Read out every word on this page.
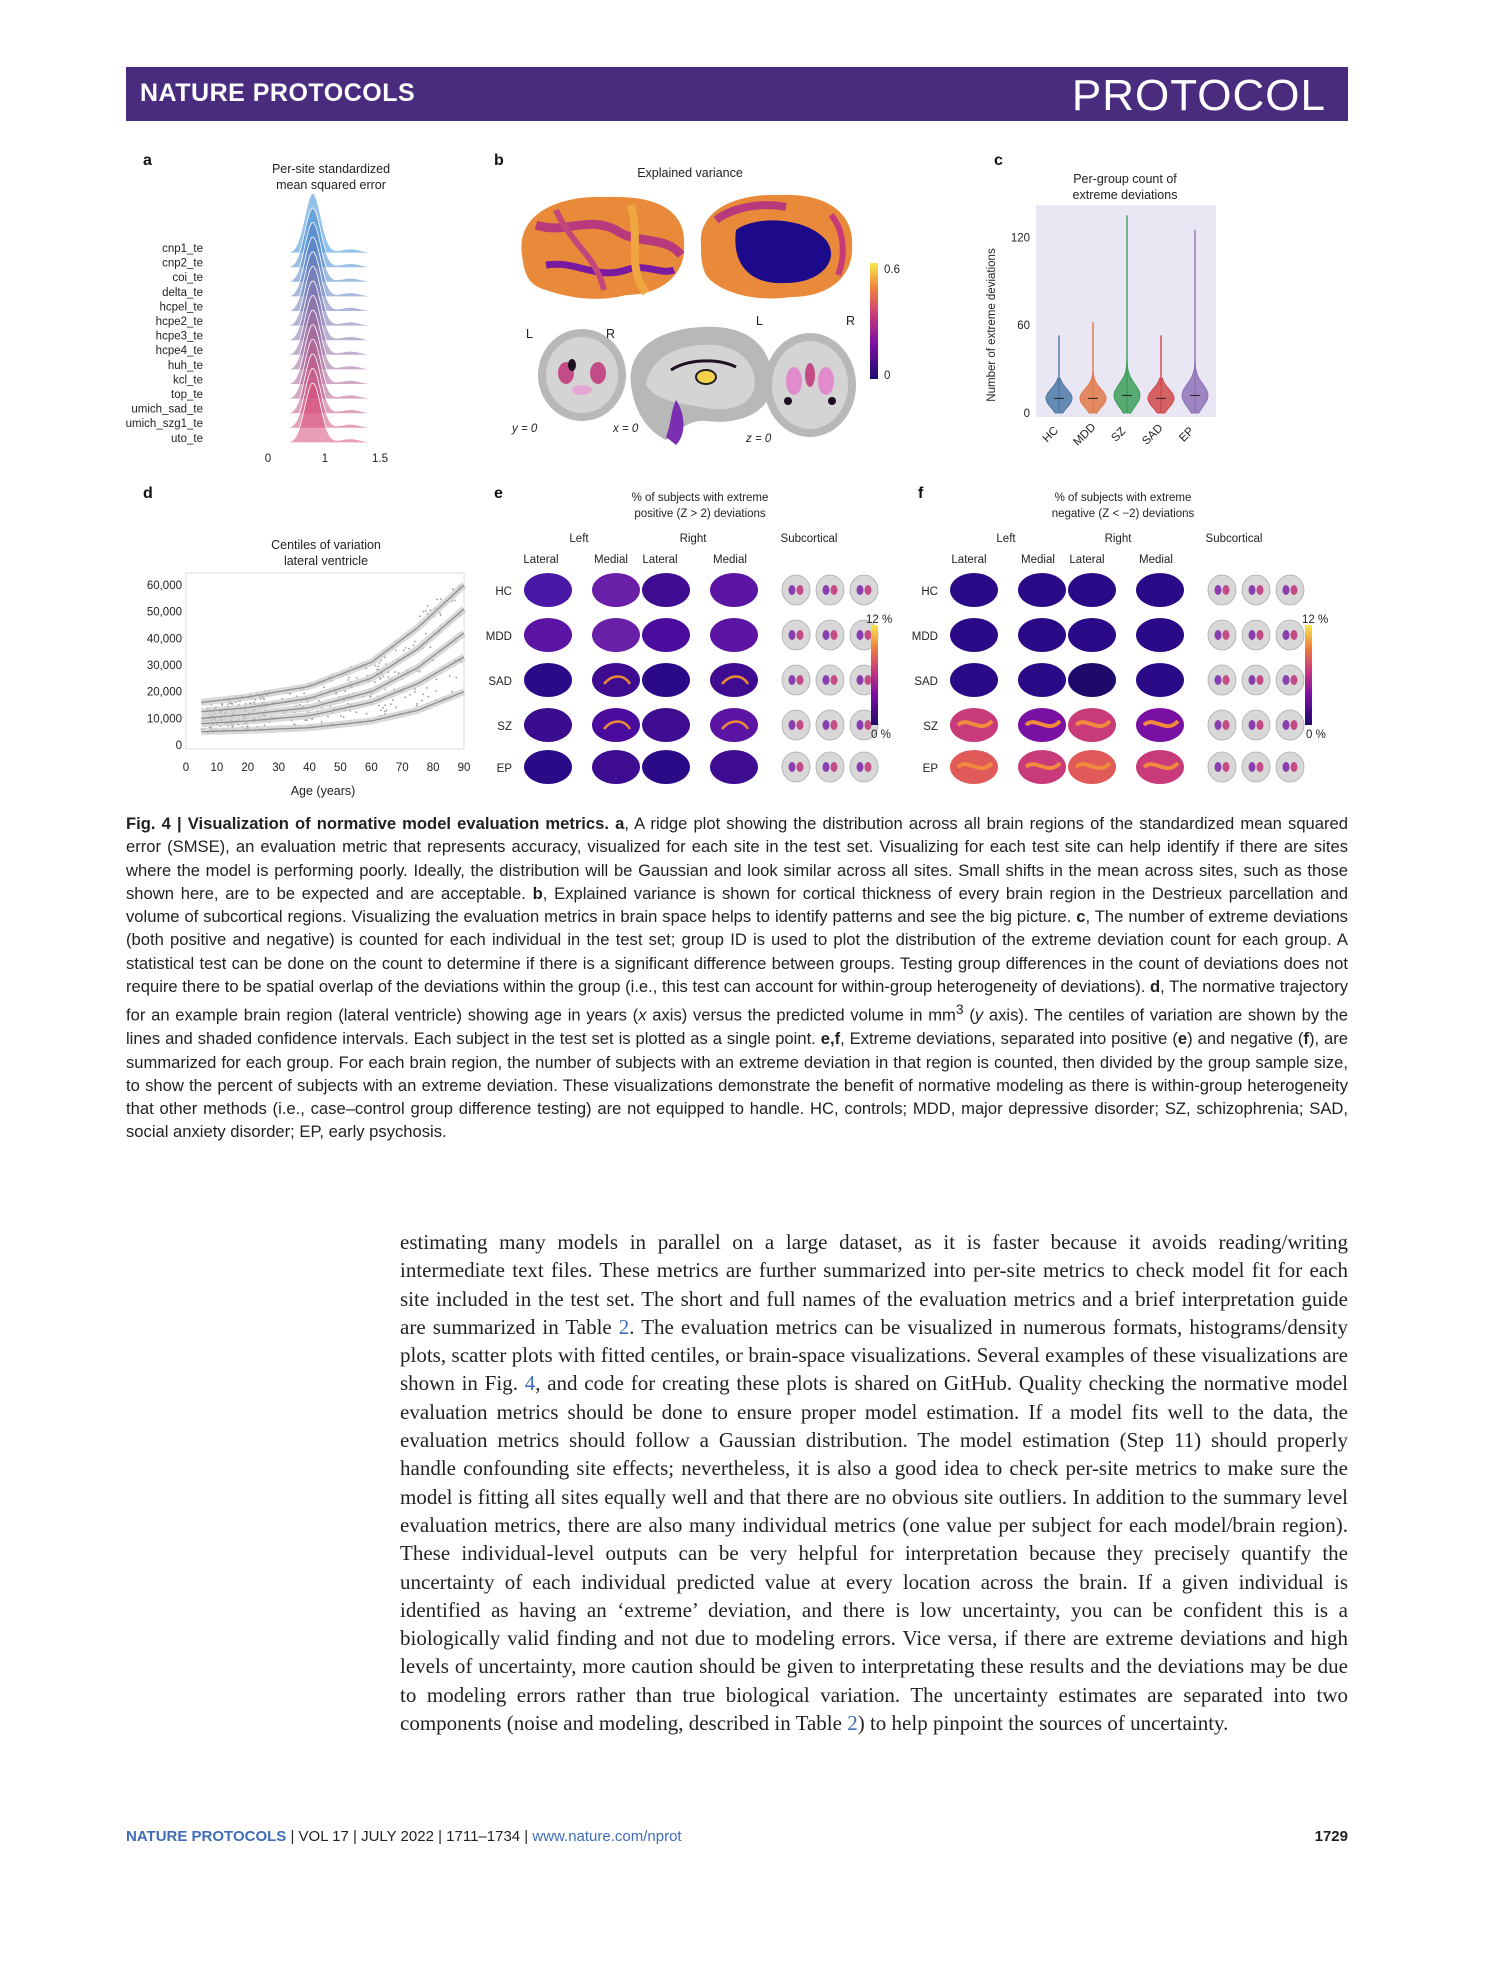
NATURE PROTOCOLS	PROTOCOL
a	Per-site standardized
mean squared error
cnp1_te
cnp2_te
coi_te
delta_te
hcpel_te
hcpe2_te
hcpe3_te
hcpe4_te
huh_te
kcl_te
top_te
umich_sad_te
umich_szg1_te
uto_te
0	1	1.5
b
Explained variance
0.6
0
L	R
y = 0	x = 0
L	R
z = 0
c
Per-group count of
extreme deviations
Number of extreme deviations
0
60
120
HC MDD SZ SAD EP
d
Centiles of variation
lateral ventricle
0
10,000
20,000
30,000
40,000
50,000
60,000
0 10 20 30 40 50 60 70 80 90
Age (years)
e	% of subjects with extreme
positive (Z > 2) deviations
Left	Right	Subcortical
Lateral	Medial Lateral	Medial
HC
MDD
SAD
SZ
EP
12 %
0 %
f	% of subjects with extreme
negative (Z < −2) deviations
Left	Right	Subcortical
Lateral	Medial Lateral	Medial
HC
MDD
SAD
SZ
EP
12 %
0 %
Fig. 4 | Visualization of normative model evaluation metrics. a, A ridge plot showing the distribution across all brain regions of the standardized mean squared error (SMSE), an evaluation metric that represents accuracy, visualized for each site in the test set. Visualizing for each test site can help identify if there are sites where the model is performing poorly. Ideally, the distribution will be Gaussian and look similar across all sites. Small shifts in the mean across sites, such as those shown here, are to be expected and are acceptable. b, Explained variance is shown for cortical thickness of every brain region in the Destrieux parcellation and volume of subcortical regions. Visualizing the evaluation metrics in brain space helps to identify patterns and see the big picture. c, The number of extreme deviations (both positive and negative) is counted for each individual in the test set; group ID is used to plot the distribution of the extreme deviation count for each group. A statistical test can be done on the count to determine if there is a significant difference between groups. Testing group differences in the count of deviations does not require there to be spatial overlap of the deviations within the group (i.e., this test can account for within-group heterogeneity of deviations). d, The normative trajectory for an example brain region (lateral ventricle) showing age in years (x axis) versus the predicted volume in $mm^3$ (y axis). The centiles of variation are shown by the lines and shaded confidence intervals. Each subject in the test set is plotted as a single point. e,f, Extreme deviations, separated into positive (e) and negative (f), are summarized for each group. For each brain region, the number of subjects with an extreme deviation in that region is counted, then divided by the group sample size, to show the percent of subjects with an extreme deviation. These visualizations demonstrate the benefit of normative modeling as there is within-group heterogeneity that other methods (i.e., case–control group difference testing) are not equipped to handle. HC, controls; MDD, major depressive disorder; SZ, schizophrenia; SAD, social anxiety disorder; EP, early psychosis.
estimating many models in parallel on a large dataset, as it is faster because it avoids reading/writing intermediate text files. These metrics are further summarized into per-site metrics to check model fit for each site included in the test set. The short and full names of the evaluation metrics and a brief interpretation guide are summarized in Table 2. The evaluation metrics can be visualized in numerous formats, histograms/density plots, scatter plots with fitted centiles, or brain-space visualizations. Several examples of these visualizations are shown in Fig. 4, and code for creating these plots is shared on GitHub. Quality checking the normative model evaluation metrics should be done to ensure proper model estimation. If a model fits well to the data, the evaluation metrics should follow a Gaussian distribution. The model estimation (Step 11) should properly handle confounding site effects; nevertheless, it is also a good idea to check per-site metrics to make sure the model is fitting all sites equally well and that there are no obvious site outliers. In addition to the summary level evaluation metrics, there are also many individual metrics (one value per subject for each model/brain region). These individual-level outputs can be very helpful for interpretation because they precisely quantify the uncertainty of each individual predicted value at every location across the brain. If a given individual is identified as having an ‘extreme’ deviation, and there is low uncertainty, you can be confident this is a biologically valid finding and not due to modeling errors. Vice versa, if there are extreme deviations and high levels of uncertainty, more caution should be given to interpretating these results and the deviations may be due to modeling errors rather than true biological variation. The uncertainty estimates are separated into two components (noise and modeling, described in Table 2) to help pinpoint the sources of uncertainty.
NATURE PROTOCOLS | VOL 17 | JULY 2022 | 1711–1734 | www.nature.com/nprot	1729
